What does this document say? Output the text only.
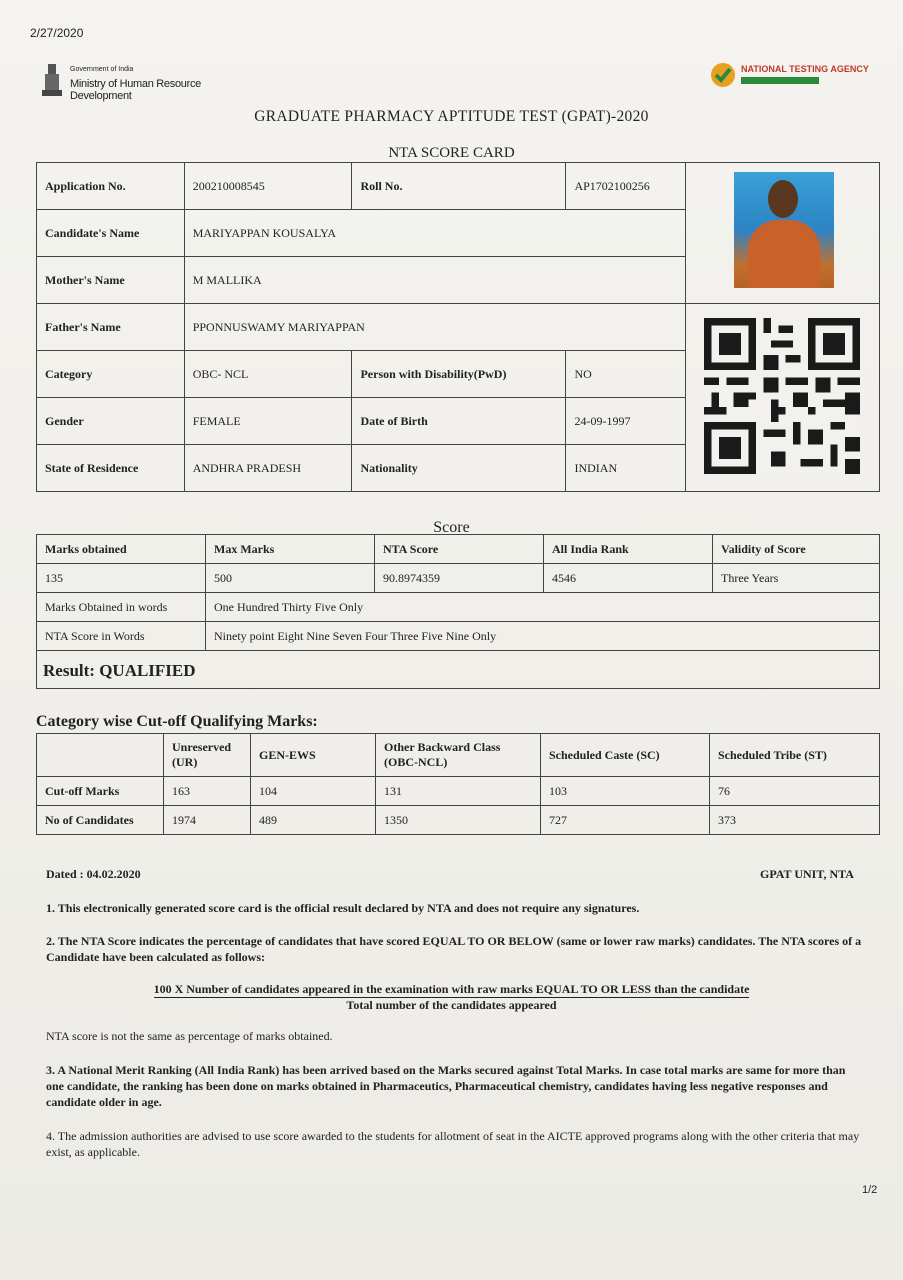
2/27/2020
Government of India
Ministry of Human Resource Development
NATIONAL TESTING AGENCY
GRADUATE PHARMACY APTITUDE TEST (GPAT)-2020
NTA SCORE CARD
Application No.	200210008545	Roll No.	AP1702100256	
Candidate's Name	MARIYAPPAN KOUSALYA			
Mother's Name	M MALLIKA			
Father's Name	PPONNUSWAMY MARIYAPPAN			
Category	OBC- NCL	Person with Disability(PwD)	NO	
Gender	FEMALE	Date of Birth	24-09-1997	
State of Residence	ANDHRA PRADESH	Nationality	INDIAN	
Score
Marks obtained	Max Marks	NTA Score	All India Rank	Validity of Score
135	500	90.8974359	4546	Three Years
Marks Obtained in words	One Hundred Thirty Five Only			
NTA Score in Words	Ninety point Eight Nine Seven Four Three Five Nine Only			
Result: QUALIFIED
Category wise Cut-off Qualifying Marks:
	Unreserved (UR)	GEN-EWS	Other Backward Class (OBC-NCL)	Scheduled Caste (SC)	Scheduled Tribe (ST)
Cut-off Marks	163	104	131	103	76
No of Candidates	1974	489	1350	727	373
Dated : 04.02.2020	GPAT UNIT, NTA
1. This electronically generated score card is the official result declared by NTA and does not require any signatures.
2. The NTA Score indicates the percentage of candidates that have scored EQUAL TO OR BELOW (same or lower raw marks) candidates. The NTA scores of a Candidate have been calculated as follows:
100 X Number of candidates appeared in the examination with raw marks EQUAL TO OR LESS than the candidate
Total number of the candidates appeared
NTA score is not the same as percentage of marks obtained.
3. A National Merit Ranking (All India Rank) has been arrived based on the Marks secured against Total Marks. In case total marks are same for more than one candidate, the ranking has been done on marks obtained in Pharmaceutics, Pharmaceutical chemistry, candidates having less negative responses and candidate older in age.
4. The admission authorities are advised to use score awarded to the students for allotment of seat in the AICTE approved programs along with the other criteria that may exist, as applicable.
1/2
